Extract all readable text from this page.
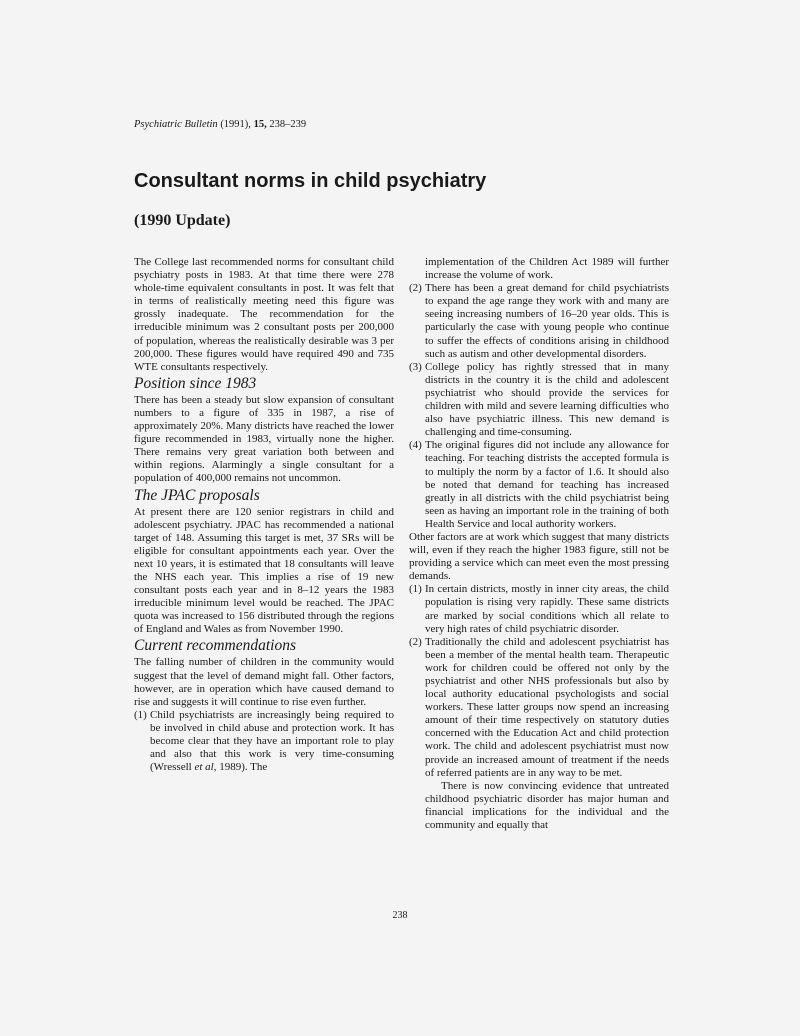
Psychiatric Bulletin (1991), 15, 238–239
Consultant norms in child psychiatry
(1990 Update)

The College last recommended norms for consultant child psychiatry posts in 1983. At that time there were 278 whole-time equivalent consultants in post. It was felt that in terms of realistically meeting need this figure was grossly inadequate. The recommendation for the irreducible minimum was 2 consultant posts per 200,000 of population, whereas the realistically desirable was 3 per 200,000. These figures would have required 490 and 735 WTE consultants respectively.

Position since 1983

There has been a steady but slow expansion of consultant numbers to a figure of 335 in 1987, a rise of approximately 20%. Many districts have reached the lower figure recommended in 1983, virtually none the higher. There remains very great variation both between and within regions. Alarmingly a single consultant for a population of 400,000 remains not uncommon.

The JPAC proposals

At present there are 120 senior registrars in child and adolescent psychiatry. JPAC has recommended a national target of 148. Assuming this target is met, 37 SRs will be eligible for consultant appointments each year. Over the next 10 years, it is estimated that 18 consultants will leave the NHS each year. This implies a rise of 19 new consultant posts each year and in 8–12 years the 1983 irreducible minimum level would be reached. The JPAC quota was increased to 156 distributed through the regions of England and Wales as from November 1990.

Current recommendations

The falling number of children in the community would suggest that the level of demand might fall. Other factors, however, are in operation which have caused demand to rise and suggests it will continue to rise even further.

(1) Child psychiatrists are increasingly being required to be involved in child abuse and protection work. It has become clear that they have an important role to play and also that this work is very time-consuming (Wressell et al, 1989). The

implementation of the Children Act 1989 will further increase the volume of work.

(2) There has been a great demand for child psychiatrists to expand the age range they work with and many are seeing increasing numbers of 16–20 year olds. This is particularly the case with young people who continue to suffer the effects of conditions arising in childhood such as autism and other developmental disorders.

(3) College policy has rightly stressed that in many districts in the country it is the child and adolescent psychiatrist who should provide the services for children with mild and severe learning difficulties who also have psychiatric illness. This new demand is challenging and time-consuming.

(4) The original figures did not include any allowance for teaching. For teaching distrists the accepted formula is to multiply the norm by a factor of 1.6. It should also be noted that demand for teaching has increased greatly in all districts with the child psychiatrist being seen as having an important role in the training of both Health Service and local authority workers.

Other factors are at work which suggest that many districts will, even if they reach the higher 1983 figure, still not be providing a service which can meet even the most pressing demands.

(1) In certain districts, mostly in inner city areas, the child population is rising very rapidly. These same districts are marked by social conditions which all relate to very high rates of child psychiatric disorder.

(2) Traditionally the child and adolescent psychiatrist has been a member of the mental health team. Therapeutic work for children could be offered not only by the psychiatrist and other NHS professionals but also by local authority educational psychologists and social workers. These latter groups now spend an increasing amount of their time respectively on statutory duties concerned with the Education Act and child protection work. The child and adolescent psychiatrist must now provide an increased amount of treatment if the needs of referred patients are in any way to be met.

There is now convincing evidence that untreated childhood psychiatric disorder has major human and financial implications for the individual and the community and equally that

238
